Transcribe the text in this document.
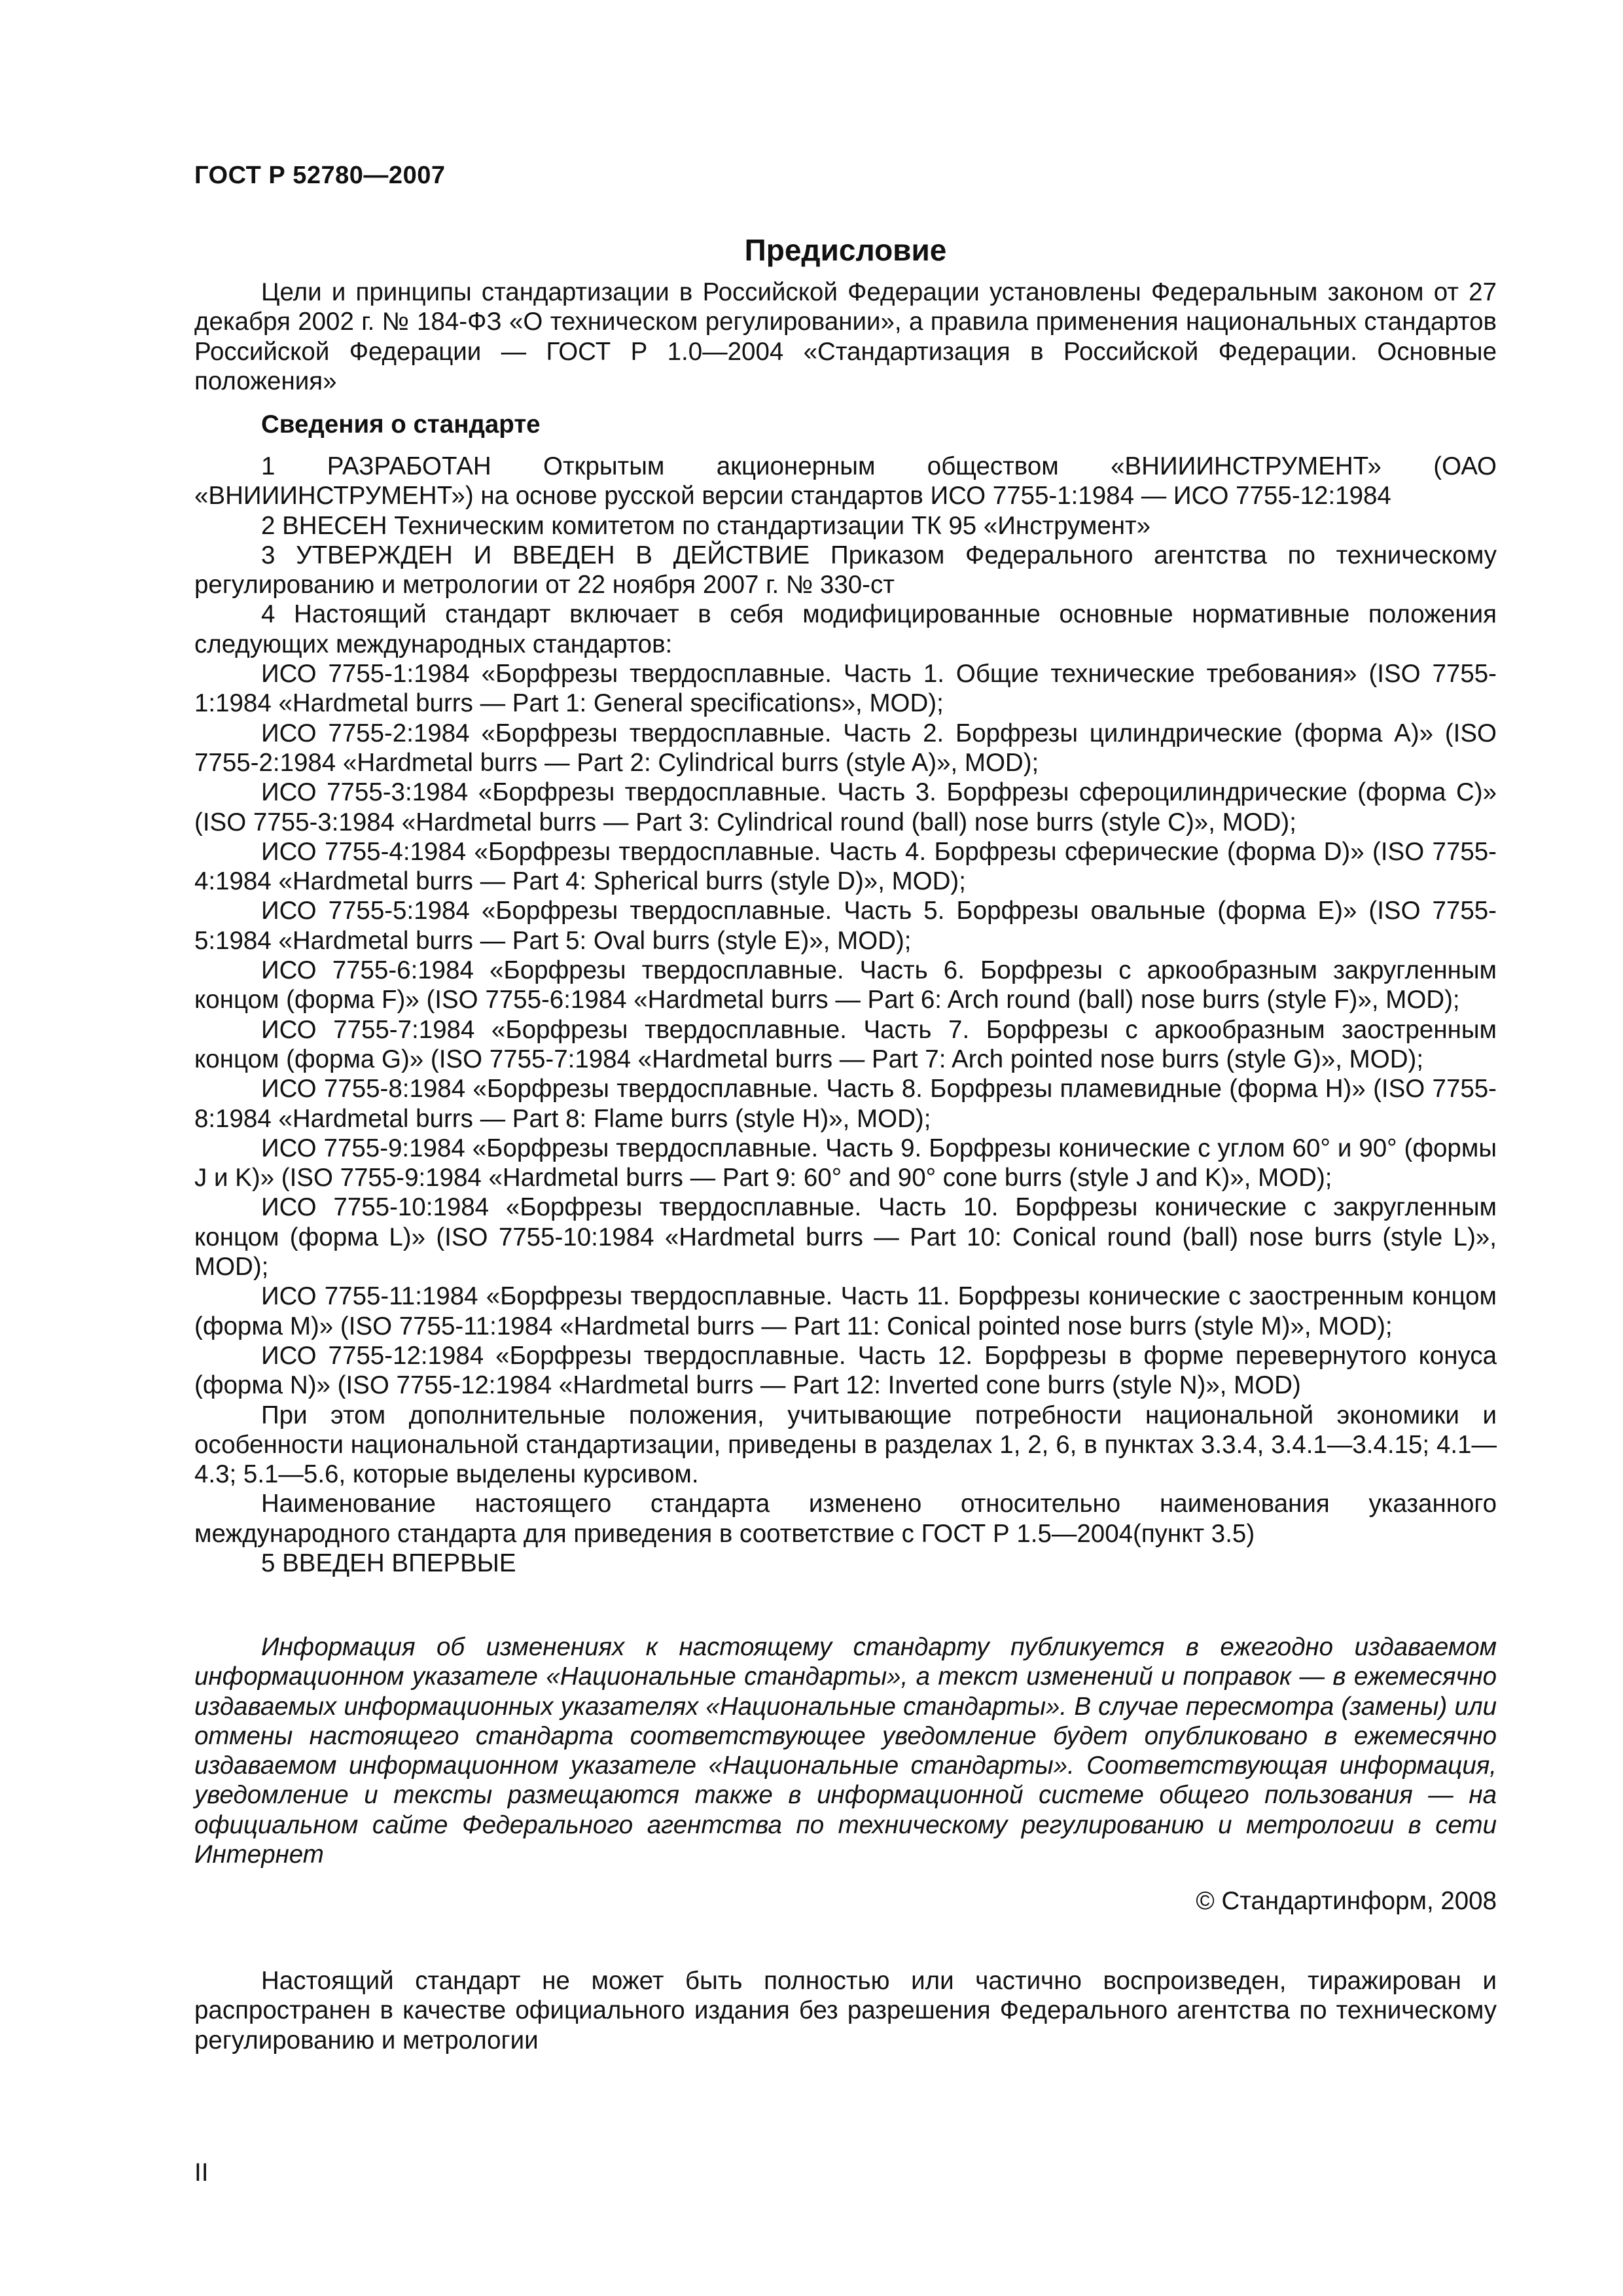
ГОСТ Р 52780—2007
Предисловие

Цели и принципы стандартизации в Российской Федерации установлены Федеральным законом от 27 декабря 2002 г. № 184-ФЗ «О техническом регулировании», а правила применения национальных стандартов Российской Федерации — ГОСТ Р 1.0—2004 «Стандартизация в Российской Федерации. Основные положения»

Сведения о стандарте

1 РАЗРАБОТАН Открытым акционерным обществом «ВНИИИНСТРУМЕНТ» (ОАО «ВНИИИНСТРУМЕНТ») на основе русской версии стандартов ИСО 7755-1:1984 — ИСО 7755-12:1984

2 ВНЕСЕН Техническим комитетом по стандартизации ТК 95 «Инструмент»

3 УТВЕРЖДЕН И ВВЕДЕН В ДЕЙСТВИЕ Приказом Федерального агентства по техническому регулированию и метрологии от 22 ноября 2007 г. № 330-ст

4 Настоящий стандарт включает в себя модифицированные основные нормативные положения следующих международных стандартов:

ИСО 7755-1:1984 «Борфрезы твердосплавные. Часть 1. Общие технические требования» (ISO 7755-1:1984 «Hardmetal burrs — Part 1: General specifications», MOD);

ИСО 7755-2:1984 «Борфрезы твердосплавные. Часть 2. Борфрезы цилиндрические (форма A)» (ISO 7755-2:1984 «Hardmetal burrs — Part 2: Cylindrical burrs (style A)», MOD);

ИСО 7755-3:1984 «Борфрезы твердосплавные. Часть 3. Борфрезы сфероцилиндрические (форма C)» (ISO 7755-3:1984 «Hardmetal burrs — Part 3: Cylindrical round (ball) nose burrs (style C)», MOD);

ИСО 7755-4:1984 «Борфрезы твердосплавные. Часть 4. Борфрезы сферические (форма D)» (ISO 7755-4:1984 «Hardmetal burrs — Part 4: Spherical burrs (style D)», MOD);

ИСО 7755-5:1984 «Борфрезы твердосплавные. Часть 5. Борфрезы овальные (форма E)» (ISO 7755-5:1984 «Hardmetal burrs — Part 5: Oval burrs (style E)», MOD);

ИСО 7755-6:1984 «Борфрезы твердосплавные. Часть 6. Борфрезы с аркообразным закругленным концом (форма F)» (ISO 7755-6:1984 «Hardmetal burrs — Part 6: Arch round (ball) nose burrs (style F)», MOD);

ИСО 7755-7:1984 «Борфрезы твердосплавные. Часть 7. Борфрезы с аркообразным заостренным концом (форма G)» (ISO 7755-7:1984 «Hardmetal burrs — Part 7: Arch pointed nose burrs (style G)», MOD);

ИСО 7755-8:1984 «Борфрезы твердосплавные. Часть 8. Борфрезы пламевидные (форма H)» (ISO 7755-8:1984 «Hardmetal burrs — Part 8: Flame burrs (style H)», MOD);

ИСО 7755-9:1984 «Борфрезы твердосплавные. Часть 9. Борфрезы конические с углом 60° и 90° (формы J и K)» (ISO 7755-9:1984 «Hardmetal burrs — Part 9: 60° and 90° cone burrs (style J and K)», MOD);

ИСО 7755-10:1984 «Борфрезы твердосплавные. Часть 10. Борфрезы конические с закругленным концом (форма L)» (ISO 7755-10:1984 «Hardmetal burrs — Part 10: Conical round (ball) nose burrs (style L)», MOD);

ИСО 7755-11:1984 «Борфрезы твердосплавные. Часть 11. Борфрезы конические с заостренным концом (форма M)» (ISO 7755-11:1984 «Hardmetal burrs — Part 11: Conical pointed nose burrs (style M)», MOD);

ИСО 7755-12:1984 «Борфрезы твердосплавные. Часть 12. Борфрезы в форме перевернутого конуса (форма N)» (ISO 7755-12:1984 «Hardmetal burrs — Part 12: Inverted cone burrs (style N)», MOD)

При этом дополнительные положения, учитывающие потребности национальной экономики и особенности национальной стандартизации, приведены в разделах 1, 2, 6, в пунктах 3.3.4, 3.4.1—3.4.15; 4.1—4.3; 5.1—5.6, которые выделены курсивом.

Наименование настоящего стандарта изменено относительно наименования указанного международного стандарта для приведения в соответствие с ГОСТ Р 1.5—2004(пункт 3.5)

5 ВВЕДЕН ВПЕРВЫЕ

Информация об изменениях к настоящему стандарту публикуется в ежегодно издаваемом информационном указателе «Национальные стандарты», а текст изменений и поправок — в ежемесячно издаваемых информационных указателях «Национальные стандарты». В случае пересмотра (замены) или отмены настоящего стандарта соответствующее уведомление будет опубликовано в ежемесячно издаваемом информационном указателе «Национальные стандарты». Соответствующая информация, уведомление и тексты размещаются также в информационной системе общего пользования — на официальном сайте Федерального агентства по техническому регулированию и метрологии в сети Интернет

© Стандартинформ, 2008

Настоящий стандарт не может быть полностью или частично воспроизведен, тиражирован и распространен в качестве официального издания без разрешения Федерального агентства по техническому регулированию и метрологии

II
